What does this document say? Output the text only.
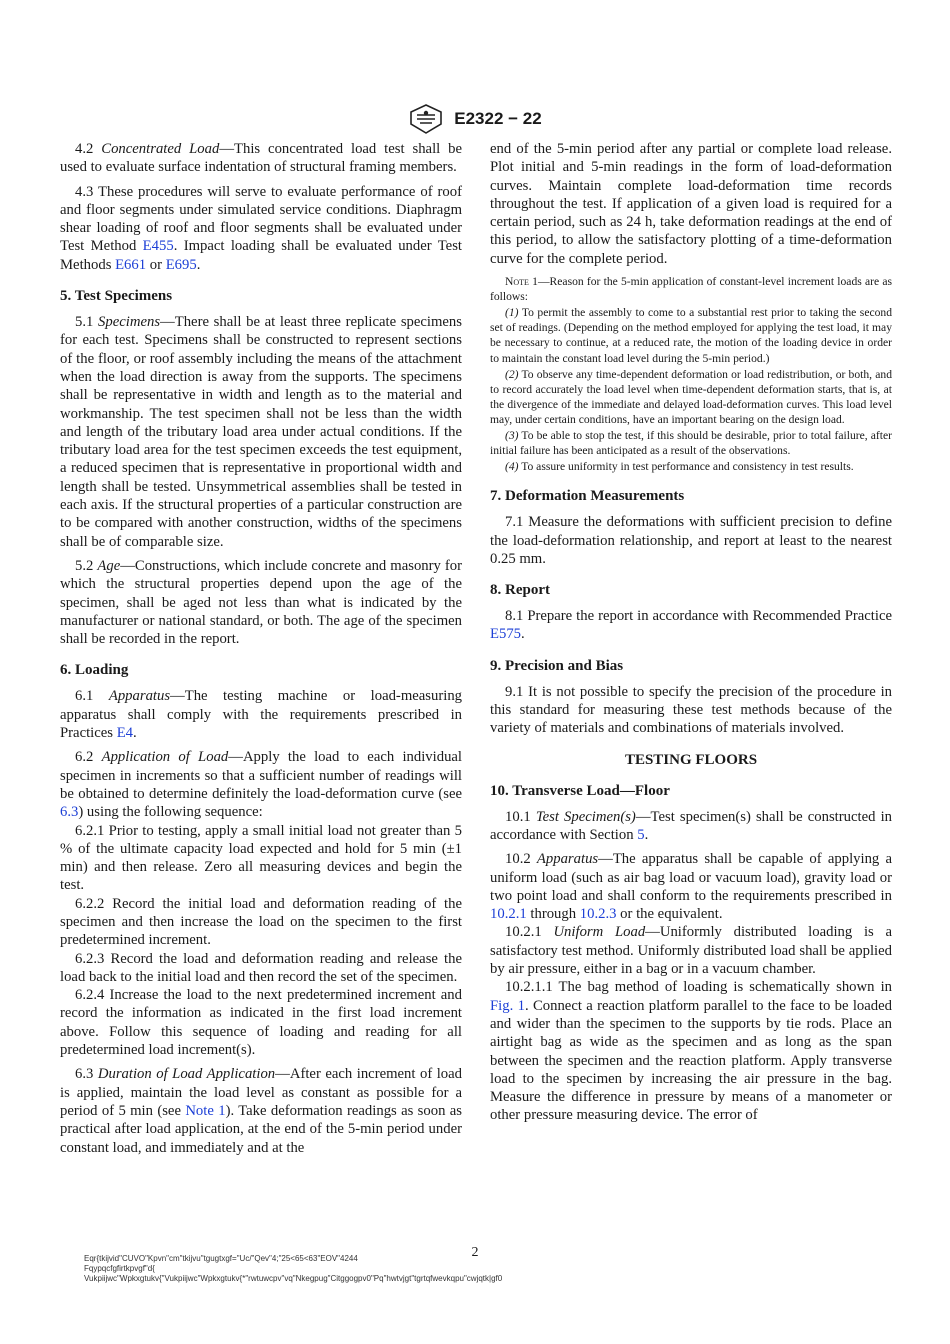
E2322 − 22

4.2 Concentrated Load—This concentrated load test shall be used to evaluate surface indentation of structural framing members.

4.3 These procedures will serve to evaluate performance of roof and floor segments under simulated service conditions. Diaphragm shear loading of roof and floor segments shall be evaluated under Test Method E455. Impact loading shall be evaluated under Test Methods E661 or E695.

5. Test Specimens

5.1 Specimens—There shall be at least three replicate specimens for each test. Specimens shall be constructed to represent sections of the floor, or roof assembly including the means of the attachment when the load direction is away from the supports. The specimens shall be representative in width and length as to the material and workmanship. The test specimen shall not be less than the width and length of the tributary load area under actual conditions. If the tributary load area for the test specimen exceeds the test equipment, a reduced specimen that is representative in proportional width and length shall be tested. Unsymmetrical assemblies shall be tested in each axis. If the structural properties of a particular construction are to be compared with another construction, widths of the specimens shall be of comparable size.

5.2 Age—Constructions, which include concrete and masonry for which the structural properties depend upon the age of the specimen, shall be aged not less than what is indicated by the manufacturer or national standard, or both. The age of the specimen shall be recorded in the report.

6. Loading

6.1 Apparatus—The testing machine or load-measuring apparatus shall comply with the requirements prescribed in Practices E4.

6.2 Application of Load—Apply the load to each individual specimen in increments so that a sufficient number of readings will be obtained to determine definitely the load-deformation curve (see 6.3) using the following sequence:

6.2.1 Prior to testing, apply a small initial load not greater than 5 % of the ultimate capacity load expected and hold for 5 min (±1 min) and then release. Zero all measuring devices and begin the test.

6.2.2 Record the initial load and deformation reading of the specimen and then increase the load on the specimen to the first predetermined increment.

6.2.3 Record the load and deformation reading and release the load back to the initial load and then record the set of the specimen.

6.2.4 Increase the load to the next predetermined increment and record the information as indicated in the first load increment above. Follow this sequence of loading and reading for all predetermined load increment(s).

6.3 Duration of Load Application—After each increment of load is applied, maintain the load level as constant as possible for a period of 5 min (see Note 1). Take deformation readings as soon as practical after load application, at the end of the 5-min period under constant load, and immediately and at the

end of the 5-min period after any partial or complete load release. Plot initial and 5-min readings in the form of load-deformation curves. Maintain complete load-deformation time records throughout the test. If application of a given load is required for a certain period, such as 24 h, take deformation readings at the end of this period, to allow the satisfactory plotting of a time-deformation curve for the complete period.

Note 1—Reason for the 5-min application of constant-level increment loads are as follows:
(1) To permit the assembly to come to a substantial rest prior to taking the second set of readings. (Depending on the method employed for applying the test load, it may be necessary to continue, at a reduced rate, the motion of the loading device in order to maintain the constant load level during the 5-min period.)
(2) To observe any time-dependent deformation or load redistribution, or both, and to record accurately the load level when time-dependent deformation starts, that is, at the divergence of the immediate and delayed load-deformation curves. This load level may, under certain conditions, have an important bearing on the design load.
(3) To be able to stop the test, if this should be desirable, prior to total failure, after initial failure has been anticipated as a result of the observations.
(4) To assure uniformity in test performance and consistency in test results.
7. Deformation Measurements

7.1 Measure the deformations with sufficient precision to define the load-deformation relationship, and report at least to the nearest 0.25 mm.

8. Report

8.1 Prepare the report in accordance with Recommended Practice E575.

9. Precision and Bias

9.1 It is not possible to specify the precision of the procedure in this standard for measuring these test methods because of the variety of materials and combinations of materials involved.

TESTING FLOORS
10. Transverse Load—Floor

10.1 Test Specimen(s)—Test specimen(s) shall be constructed in accordance with Section 5.

10.2 Apparatus—The apparatus shall be capable of applying a uniform load (such as air bag load or vacuum load), gravity load or two point load and shall conform to the requirements prescribed in 10.2.1 through 10.2.3 or the equivalent.

10.2.1 Uniform Load—Uniformly distributed loading is a satisfactory test method. Uniformly distributed load shall be applied by air pressure, either in a bag or in a vacuum chamber.

10.2.1.1 The bag method of loading is schematically shown in Fig. 1. Connect a reaction platform parallel to the face to be loaded and wider than the specimen to the supports by tie rods. Place an airtight bag as wide as the specimen and as long as the span between the specimen and the reaction platform. Apply transverse load to the specimen by increasing the air pressure in the bag. Measure the difference in pressure by means of a manometer or other pressure measuring device. The error of

2
Eqr{tkijvid"CUVO"Kpvn"cm"tkijvu"tgugtxgf="Uc/"Qev"4;"25<65<63"EOV"4244
Fqypqcfgfirtkpvgf"d{
Vukpiijwc"Wpkxgtukv{"Vukpiijwc"Wpkxgtukv{*"rwtuwcpv"vq"Nkegpug"Citggogpv0"Pq"hwtvjgt"tgrtqfwevkqpu"cwjqtk|gf0
